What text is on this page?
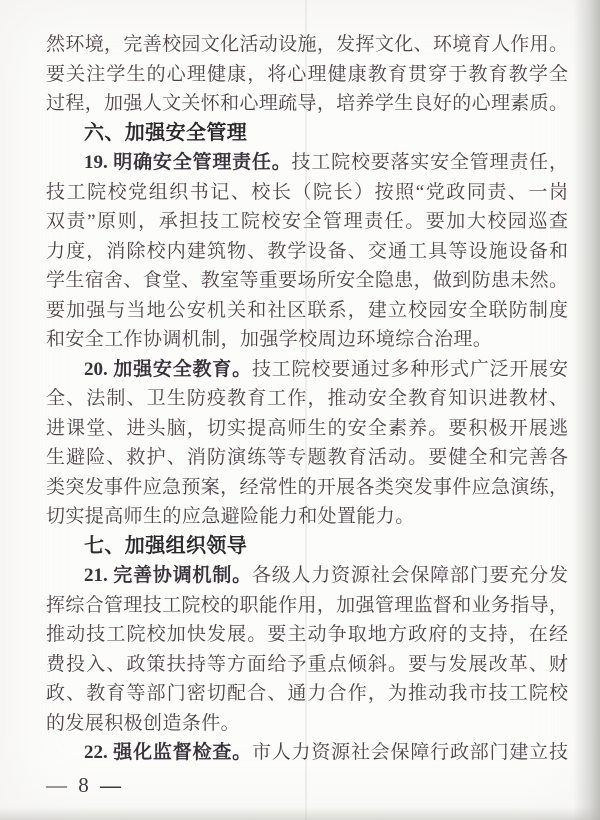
然环境，完善校园文化活动设施，发挥文化、环境育人作用。
要关注学生的心理健康，将心理健康教育贯穿于教育教学全
过程，加强人文关怀和心理疏导，培养学生良好的心理素质。
六、加强安全管理
19. 明确安全管理责任。技工院校要落实安全管理责任，
技工院校党组织书记、校长（院长）按照“党政同责、一岗
双责”原则，承担技工院校安全管理责任。要加大校园巡查
力度，消除校内建筑物、教学设备、交通工具等设施设备和
学生宿舍、食堂、教室等重要场所安全隐患，做到防患未然。
要加强与当地公安机关和社区联系，建立校园安全联防制度
和安全工作协调机制，加强学校周边环境综合治理。
20. 加强安全教育。技工院校要通过多种形式广泛开展安
全、法制、卫生防疫教育工作，推动安全教育知识进教材、
进课堂、进头脑，切实提高师生的安全素养。要积极开展逃
生避险、救护、消防演练等专题教育活动。要健全和完善各
类突发事件应急预案，经常性的开展各类突发事件应急演练，
切实提高师生的应急避险能力和处置能力。
七、加强组织领导
21. 完善协调机制。各级人力资源社会保障部门要充分发
挥综合管理技工院校的职能作用，加强管理监督和业务指导，
推动技工院校加快发展。要主动争取地方政府的支持，在经
费投入、政策扶持等方面给予重点倾斜。要与发展改革、财
政、教育等部门密切配合、通力合作，为推动我市技工院校
的发展积极创造条件。
22. 强化监督检查。市人力资源社会保障行政部门建立技
— 8 —
